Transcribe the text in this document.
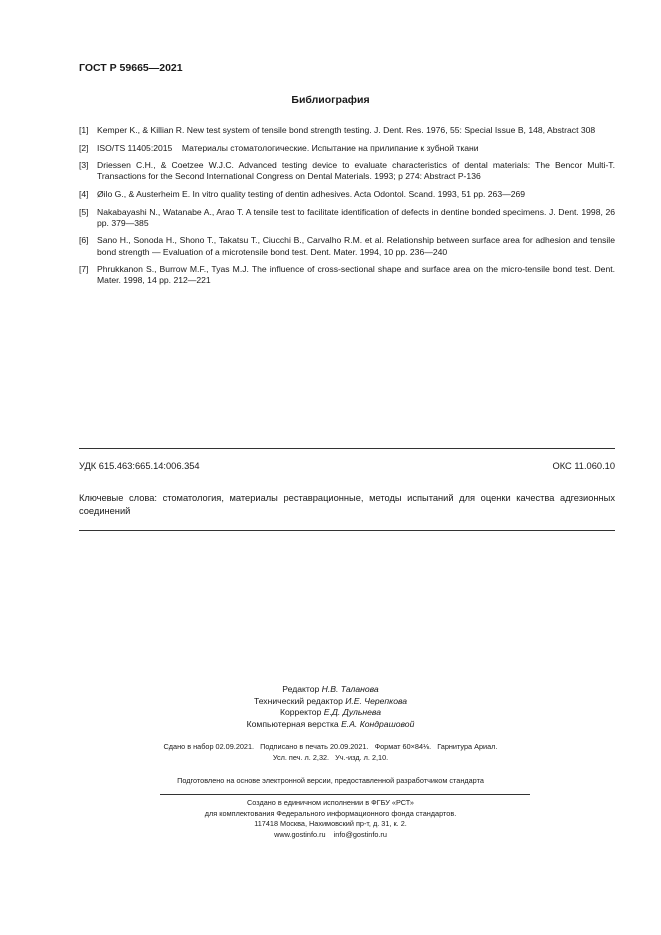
ГОСТ Р 59665—2021
Библиография
[1] Kemper K., & Killian R. New test system of tensile bond strength testing. J. Dent. Res. 1976, 55: Special Issue B, 148, Abstract 308
[2] ISO/TS 11405:2015    Материалы стоматологические. Испытание на прилипание к зубной ткани
[3] Driessen C.H., & Coetzee W.J.C. Advanced testing device to evaluate characteristics of dental materials: The Bencor Multi-T. Transactions for the Second International Congress on Dental Materials. 1993; p 274: Abstract P-136
[4] Øilo G., & Austerheim E. In vitro quality testing of dentin adhesives. Acta Odontol. Scand. 1993, 51 pp. 263—269
[5] Nakabayashi N., Watanabe A., Arao T. A tensile test to facilitate identification of defects in dentine bonded specimens. J. Dent. 1998, 26 pp. 379—385
[6] Sano H., Sonoda H., Shono T., Takatsu T., Ciucchi B., Carvalho R.M. et al. Relationship between surface area for adhesion and tensile bond strength — Evaluation of a microtensile bond test. Dent. Mater. 1994, 10 pp. 236—240
[7] Phrukkanon S., Burrow M.F., Tyas M.J. The influence of cross-sectional shape and surface area on the micro-tensile bond test. Dent. Mater. 1998, 14 pp. 212—221
УДК 615.463:665.14:006.354	ОКС 11.060.10
Ключевые слова: стоматология, материалы реставрационные, методы испытаний для оценки качества адгезионных соединений
Редактор Н.В. Таланова
Технический редактор И.Е. Черепкова
Корректор Е.Д. Дульнева
Компьютерная верстка Е.А. Кондрашовой
Сдано в набор 02.09.2021.   Подписано в печать 20.09.2021.   Формат 60×84⅛.   Гарнитура Ариал.
Усл. печ. л. 2,32.   Уч.-изд. л. 2,10.
Подготовлено на основе электронной версии, предоставленной разработчиком стандарта
Создано в единичном исполнении в ФГБУ «РСТ»
для комплектования Федерального информационного фонда стандартов.
117418 Москва, Нахимовский пр-т, д. 31, к. 2.
www.gostinfo.ru    info@gostinfo.ru
